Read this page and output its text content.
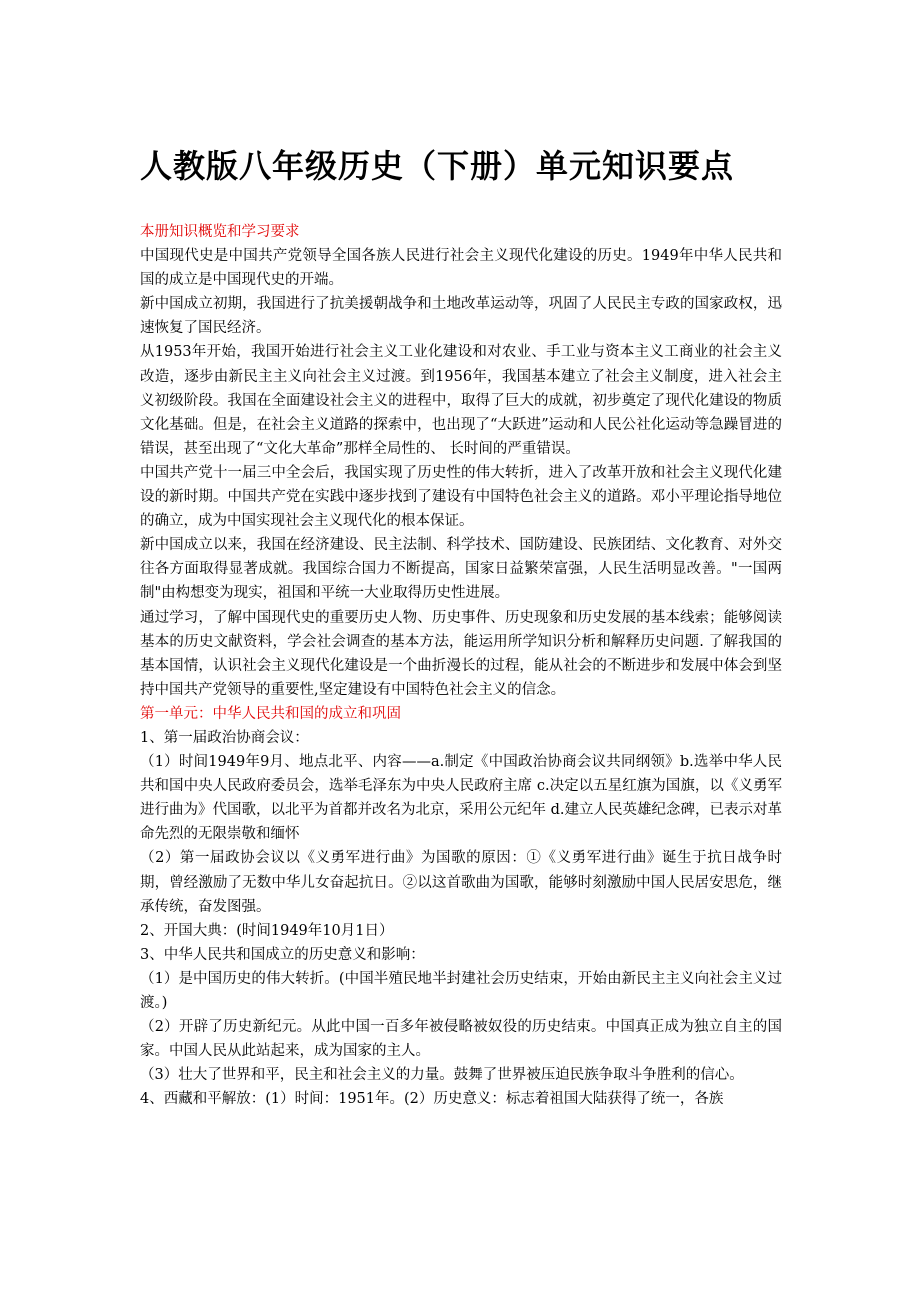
人教版八年级历史（下册）单元知识要点

本册知识概览和学习要求

中国现代史是中国共产党领导全国各族人民进行社会主义现代化建设的历史。1949年中华人民共和国的成立是中国现代史的开端。

新中国成立初期，我国进行了抗美援朝战争和土地改革运动等，巩固了人民民主专政的国家政权，迅速恢复了国民经济。

从1953年开始，我国开始进行社会主义工业化建设和对农业、手工业与资本主义工商业的社会主义改造，逐步由新民主主义向社会主义过渡。到1956年，我国基本建立了社会主义制度，进入社会主义初级阶段。我国在全面建设社会主义的进程中，取得了巨大的成就，初步奠定了现代化建设的物质文化基础。但是，在社会主义道路的探索中，也出现了“大跃进”运动和人民公社化运动等急躁冒进的错误，甚至出现了“文化大革命”那样全局性的、 长时间的严重错误。

中国共产党十一届三中全会后，我国实现了历史性的伟大转折，进入了改革开放和社会主义现代化建设的新时期。中国共产党在实践中逐步找到了建设有中国特色社会主义的道路。邓小平理论指导地位的确立，成为中国实现社会主义现代化的根本保证。

新中国成立以来，我国在经济建设、民主法制、科学技术、国防建设、民族团结、文化教育、对外交往各方面取得显著成就。我国综合国力不断提高，国家日益繁荣富强，人民生活明显改善。"一国两制"由构想变为现实，祖国和平统一大业取得历史性进展。

通过学习，了解中国现代史的重要历史人物、历史事件、历史现象和历史发展的基本线索；能够阅读基本的历史文献资料，学会社会调查的基本方法，能运用所学知识分析和解释历史问题. 了解我国的基本国情，认识社会主义现代化建设是一个曲折漫长的过程，能从社会的不断进步和发展中体会到坚持中国共产党领导的重要性,坚定建设有中国特色社会主义的信念。

第一单元：中华人民共和国的成立和巩固

1、第一届政治协商会议：

（1）时间1949年9月、地点北平、内容——a.制定《中国政治协商会议共同纲领》b.选举中华人民共和国中央人民政府委员会，选举毛泽东为中央人民政府主席 c.决定以五星红旗为国旗，以《义勇军进行曲为》代国歌，以北平为首都并改名为北京，采用公元纪年 d.建立人民英雄纪念碑，已表示对革命先烈的无限崇敬和缅怀

（2）第一届政协会议以《义勇军进行曲》为国歌的原因：①《义勇军进行曲》诞生于抗日战争时期，曾经激励了无数中华儿女奋起抗日。②以这首歌曲为国歌，能够时刻激励中国人民居安思危，继承传统，奋发图强。

2、开国大典：(时间1949年10月1日）

3、中华人民共和国成立的历史意义和影响：

（1）是中国历史的伟大转折。(中国半殖民地半封建社会历史结束，开始由新民主主义向社会主义过渡。)

（2）开辟了历史新纪元。从此中国一百多年被侵略被奴役的历史结束。中国真正成为独立自主的国家。中国人民从此站起来，成为国家的主人。

（3）壮大了世界和平，民主和社会主义的力量。鼓舞了世界被压迫民族争取斗争胜利的信心。

4、西藏和平解放：(1）时间：1951年。(2）历史意义：标志着祖国大陆获得了统一，各族
